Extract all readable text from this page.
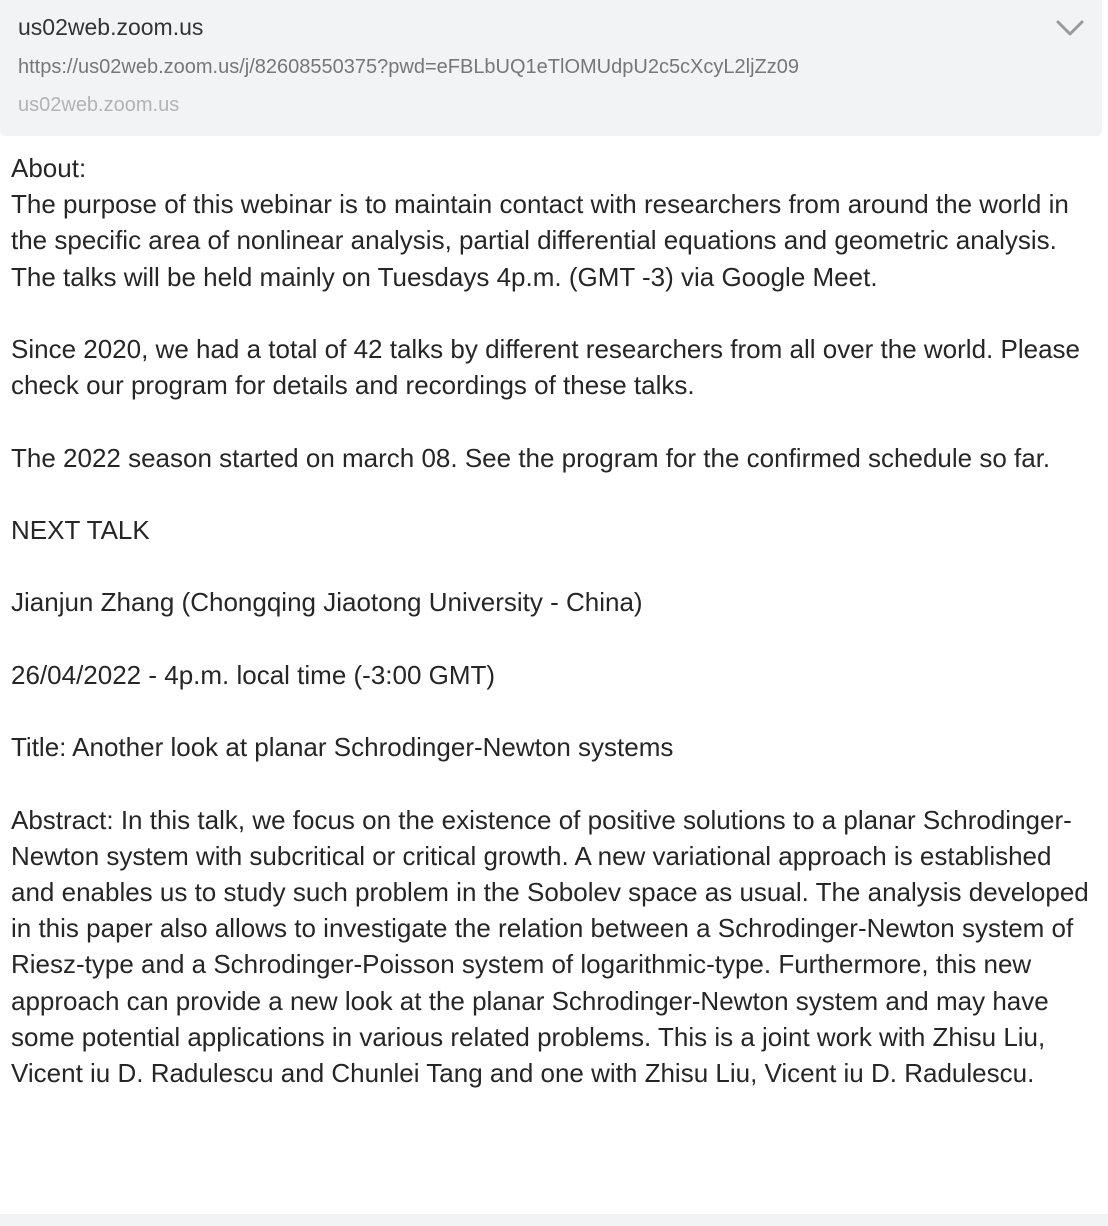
us02web.zoom.us
https://us02web.zoom.us/j/82608550375?pwd=eFBLbUQ1eTlOMUdpU2c5cXcyL2ljZz09
us02web.zoom.us

About:

The purpose of this webinar is to maintain contact with researchers from around the world in the specific area of nonlinear analysis, partial differential equations and geometric analysis. The talks will be held mainly on Tuesdays 4p.m. (GMT -3) via Google Meet.

Since 2020, we had a total of 42 talks by different researchers from all over the world. Please check our program for details and recordings of these talks.

The 2022 season started on march 08. See the program for the confirmed schedule so far.

NEXT TALK

Jianjun Zhang (Chongqing Jiaotong University - China)

26/04/2022 - 4p.m. local time (-3:00 GMT)

Title: Another look at planar Schrodinger-Newton systems

Abstract: In this talk, we focus on the existence of positive solutions to a planar Schrodinger-Newton system with subcritical or critical growth. A new variational approach is established and enables us to study such problem in the Sobolev space as usual. The analysis developed in this paper also allows to investigate the relation between a Schrodinger-Newton system of Riesz-type and a Schrodinger-Poisson system of logarithmic-type. Furthermore, this new approach can provide a new look at the planar Schrodinger-Newton system and may have some potential applications in various related problems. This is a joint work with Zhisu Liu, Vicent iu D. Radulescu and Chunlei Tang and one with Zhisu Liu, Vicent iu D. Radulescu.
